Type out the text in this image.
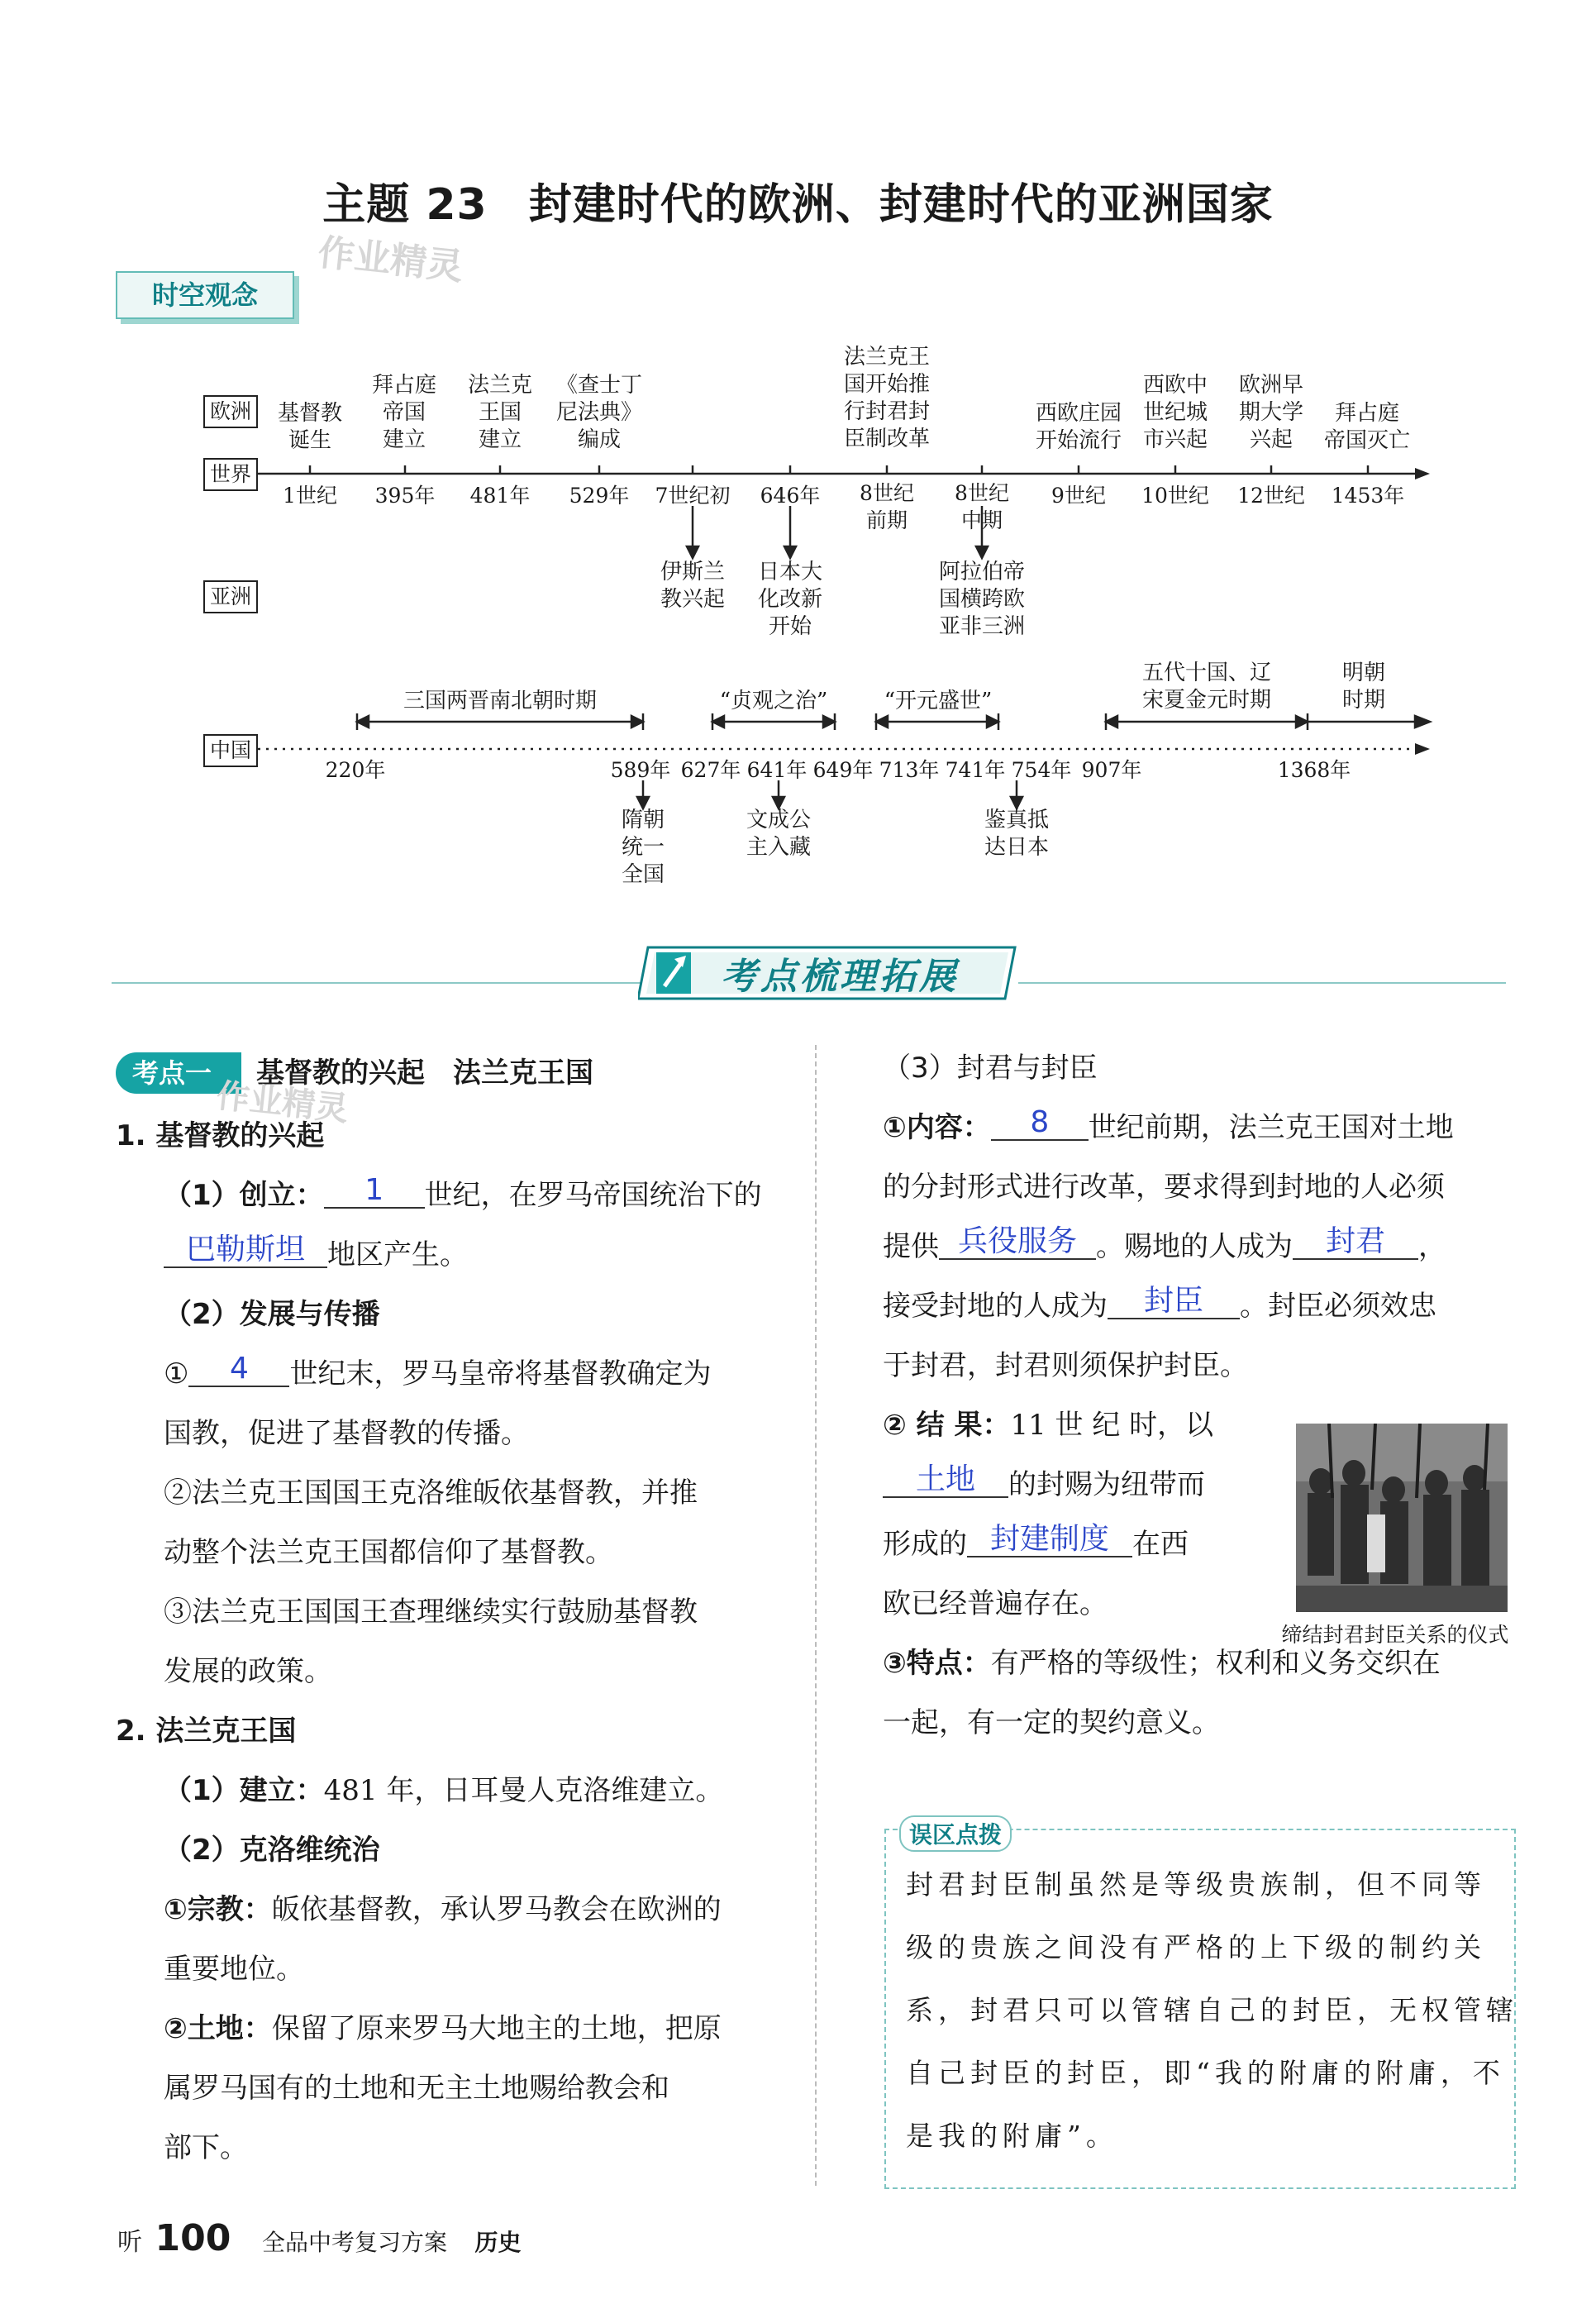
主题 23 封建时代的欧洲、封建时代的亚洲国家
作业精灵
时空观念
欧洲
世界
亚洲
中国
基督教
诞生
拜占庭
帝国
建立
法兰克
王国
建立
《查士丁
尼法典》
编成
法兰克王
国开始推
行封君封
臣制改革
西欧庄园
开始流行
西欧中
世纪城
市兴起
欧洲早
期大学
兴起
拜占庭
帝国灭亡
1世纪	395年	481年	529年	7世纪初	646年	8世纪
前期
8世纪
中期
9世纪	10世纪	12世纪	1453年
伊斯兰
教兴起
日本大
化改新
开始
阿拉伯帝
国横跨欧
亚非三洲
三国两晋南北朝时期	“贞观之治”	“开元盛世”
五代十国、辽
宋夏金元时期
明朝
时期
220年	589年 627年 641年 649年 713年 741年 754年 907年	1368年
隋朝
统一
全国
文成公
主入藏
鉴真抵
达日本
考点梳理拓展

考点一 基督教的兴起　法兰克王国

1. 基督教的兴起

（1）创立： 1 世纪，在罗马帝国统治下的

巴勒斯坦 地区产生。

（2）发展与传播

① 4 世纪末，罗马皇帝将基督教确定为

国教，促进了基督教的传播。

②法兰克王国国王克洛维皈依基督教，并推

动整个法兰克王国都信仰了基督教。

③法兰克王国国王查理继续实行鼓励基督教

发展的政策。

2. 法兰克王国

（1）建立：481 年，日耳曼人克洛维建立。

（2）克洛维统治

①宗教：皈依基督教，承认罗马教会在欧洲的

重要地位。

②土地：保留了原来罗马大地主的土地，把原

属罗马国有的土地和无主土地赐给教会和

部下。

作业精灵

（3）封君与封臣

①内容： 8 世纪前期，法兰克王国对土地

的分封形式进行改革，要求得到封地的人必须

提供 兵役服务 。赐地的人成为 封君 ，

接受封地的人成为 封臣 。封臣必须效忠

于封君，封君则须保护封臣。

② 结 果：11 世 纪 时，以

土地 的封赐为纽带而

形成的 封建制度 在西

欧已经普遍存在。

③特点：有严格的等级性；权利和义务交织在

一起，有一定的契约意义。

缔结封君封臣关系的仪式
误区点拨
封君封臣制虽然是等级贵族制，但不同等
级的贵族之间没有严格的上下级的制约关
系，封君只可以管辖自己的封臣，无权管辖
自己封臣的封臣，即“我的附庸的附庸，不
是我的附庸”。
听 100 全品中考复习方案 历史
